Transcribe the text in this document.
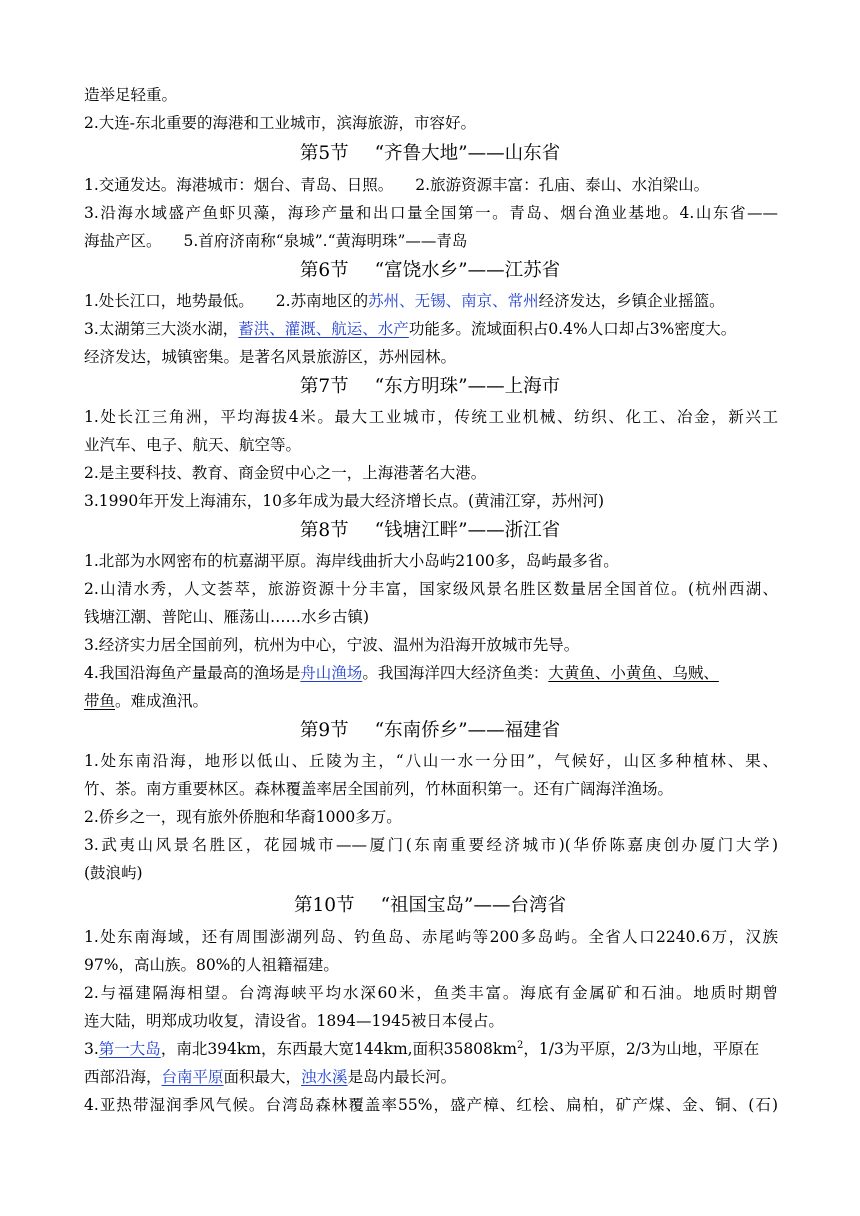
造举足轻重。
2.大连-东北重要的海港和工业城市，滨海旅游，市容好。
第5节 “齐鲁大地”——山东省
1.交通发达。海港城市：烟台、青岛、日照。 2.旅游资源丰富：孔庙、泰山、水泊梁山。
3.沿海水域盛产鱼虾贝藻，海珍产量和出口量全国第一。青岛、烟台渔业基地。4.山东省——
海盐产区。 5.首府济南称“泉城”.“黄海明珠”——青岛
第6节 “富饶水乡”——江苏省
1.处长江口，地势最低。 2.苏南地区的苏州、无锡、南京、常州经济发达，乡镇企业摇篮。
3.太湖第三大淡水湖，蓄洪、灌溉、航运、水产功能多。流域面积占0.4%人口却占3%密度大。
经济发达，城镇密集。是著名风景旅游区，苏州园林。
第7节 “东方明珠”——上海市
1.处长江三角洲，平均海拔4米。最大工业城市，传统工业机械、纺织、化工、冶金，新兴工
业汽车、电子、航天、航空等。
2.是主要科技、教育、商金贸中心之一，上海港著名大港。
3.1990年开发上海浦东，10多年成为最大经济增长点。(黄浦江穿，苏州河)
第8节 “钱塘江畔”——浙江省
1.北部为水网密布的杭嘉湖平原。海岸线曲折大小岛屿2100多，岛屿最多省。
2.山清水秀，人文荟萃，旅游资源十分丰富，国家级风景名胜区数量居全国首位。(杭州西湖、
钱塘江潮、普陀山、雁荡山……水乡古镇)
3.经济实力居全国前列，杭州为中心，宁波、温州为沿海开放城市先导。
4.我国沿海鱼产量最高的渔场是舟山渔场。我国海洋四大经济鱼类：大黄鱼、小黄鱼、乌贼、
带鱼。难成渔汛。
第9节 “东南侨乡”——福建省
1.处东南沿海，地形以低山、丘陵为主，“八山一水一分田”，气候好，山区多种植林、果、
竹、茶。南方重要林区。森林覆盖率居全国前列，竹林面积第一。还有广阔海洋渔场。
2.侨乡之一，现有旅外侨胞和华裔1000多万。
3.武夷山风景名胜区，花园城市——厦门(东南重要经济城市)(华侨陈嘉庚创办厦门大学)
(鼓浪屿)
第10节 “祖国宝岛”——台湾省
1.处东南海域，还有周围澎湖列岛、钓鱼岛、赤尾屿等200多岛屿。全省人口2240.6万，汉族
97%，高山族。80%的人祖籍福建。
2.与福建隔海相望。台湾海峡平均水深60米，鱼类丰富。海底有金属矿和石油。地质时期曾
连大陆，明郑成功收复，清设省。1894—1945被日本侵占。
3.第一大岛，南北394km，东西最大宽144km,面积$35808km^2$，1/3为平原，2/3为山地，平原在
西部沿海，台南平原面积最大，浊水溪是岛内最长河。
4.亚热带湿润季风气候。台湾岛森林覆盖率55%，盛产樟、红桧、扁柏，矿产煤、金、铜、(石)
